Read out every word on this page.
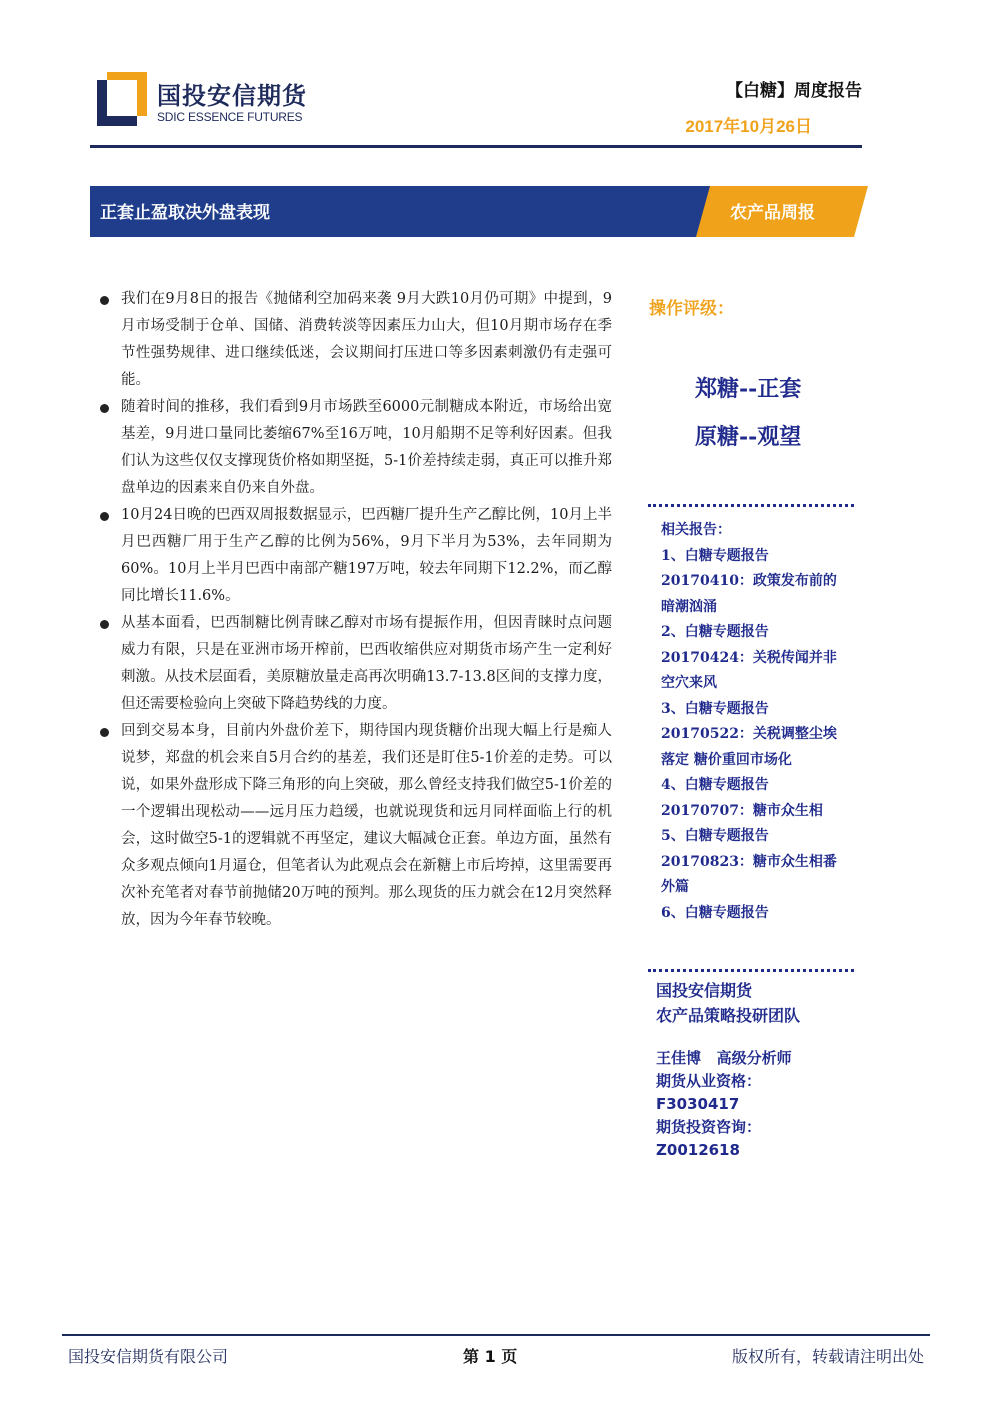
国投安信期货
SDIC ESSENCE FUTURES
【白糖】周度报告
2017年10月26日
正套止盈取决外盘表现	农产品周报
我们在9月8日的报告《抛储利空加码来袭 9月大跌10月仍可期》中提到，9月市场受制于仓单、国储、消费转淡等因素压力山大，但10月期市场存在季节性强势规律、进口继续低迷，会议期间打压进口等多因素刺激仍有走强可能。
随着时间的推移，我们看到9月市场跌至6000元制糖成本附近，市场给出宽基差，9月进口量同比萎缩67%至16万吨，10月船期不足等利好因素。但我们认为这些仅仅支撑现货价格如期坚挺，5-1价差持续走弱，真正可以推升郑盘单边的因素来自仍来自外盘。
10月24日晚的巴西双周报数据显示，巴西糖厂提升生产乙醇比例，10月上半月巴西糖厂用于生产乙醇的比例为56%，9月下半月为53%，去年同期为60%。10月上半月巴西中南部产糖197万吨，较去年同期下12.2%，而乙醇同比增长11.6%。
从基本面看，巴西制糖比例青睐乙醇对市场有提振作用，但因青睐时点问题威力有限，只是在亚洲市场开榨前，巴西收缩供应对期货市场产生一定利好刺激。从技术层面看，美原糖放量走高再次明确13.7-13.8区间的支撑力度，但还需要检验向上突破下降趋势线的力度。
回到交易本身，目前内外盘价差下，期待国内现货糖价出现大幅上行是痴人说梦，郑盘的机会来自5月合约的基差，我们还是盯住5-1价差的走势。可以说，如果外盘形成下降三角形的向上突破，那么曾经支持我们做空5-1价差的一个逻辑出现松动——远月压力趋缓，也就说现货和远月同样面临上行的机会，这时做空5-1的逻辑就不再坚定，建议大幅减仓正套。单边方面，虽然有众多观点倾向1月逼仓，但笔者认为此观点会在新糖上市后垮掉，这里需要再次补充笔者对春节前抛储20万吨的预判。那么现货的压力就会在12月突然释放，因为今年春节较晚。
操作评级：
郑糖--正套
原糖--观望
相关报告：
1、白糖专题报告
20170410：政策发布前的暗潮汹涌
2、白糖专题报告
20170424：关税传闻并非空穴来风
3、白糖专题报告
20170522：关税调整尘埃落定 糖价重回市场化
4、白糖专题报告
20170707：糖市众生相
5、白糖专题报告
20170823：糖市众生相番外篇
6、白糖专题报告
国投安信期货
农产品策略投研团队
王佳博   高级分析师
期货从业资格：
F3030417
期货投资咨询：
Z0012618
国投安信期货有限公司	第 1 页	版权所有，转载请注明出处
